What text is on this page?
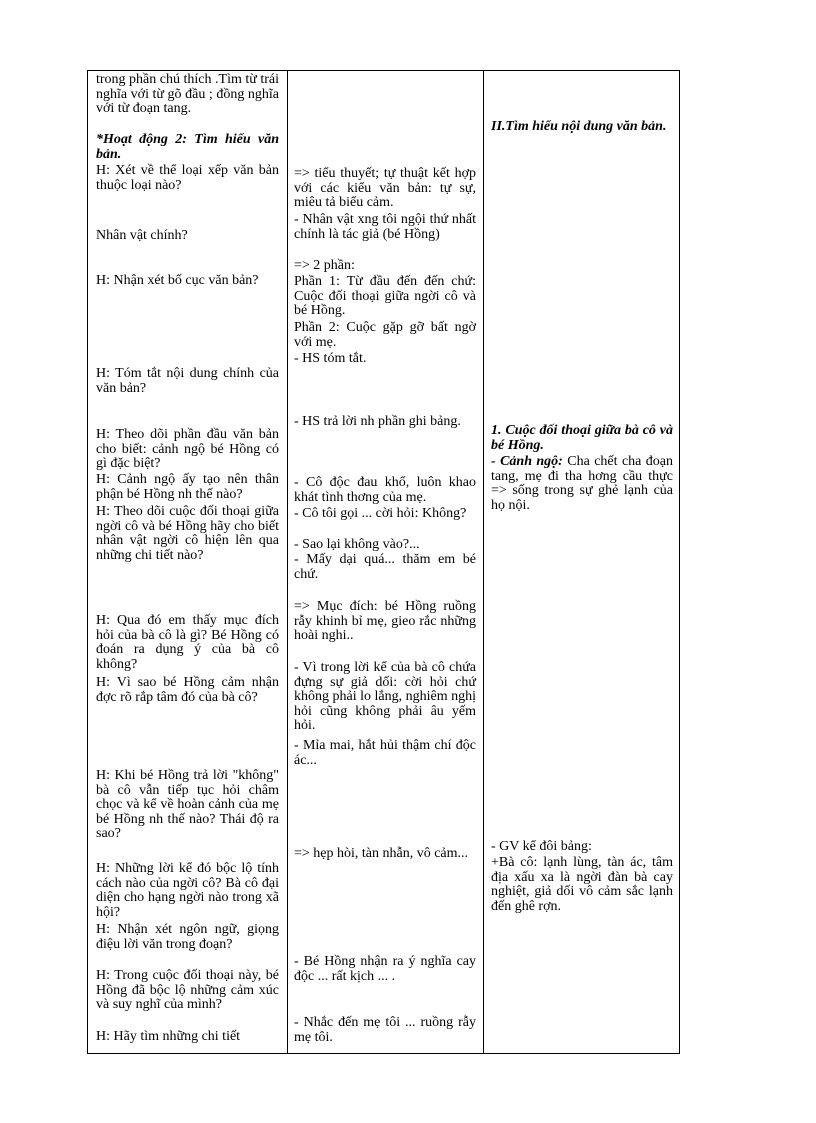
trong phần chú thích .Tìm từ trái nghĩa với từ gõ đầu ; đồng nghĩa với từ đoạn tang.
*Hoạt động 2: Tìm hiểu văn bản.
H: Xét về thể loại xếp văn bản thuộc loại nào?
Nhân vật chính?
H: Nhận xét bố cục văn bản?
H: Tóm tắt nội dung chính của văn bản?
H: Theo dõi phần đầu văn bản cho biết: cảnh ngộ bé Hồng có gì đặc biệt?
H: Cảnh ngộ ấy tạo nên thân phận bé Hồng nh thế nào?
H: Theo dõi cuộc đối thoại giữa ngời cô và bé Hồng hãy cho biết nhân vật ngời cô hiện lên qua những chi tiết nào?
H: Qua đó em thấy mục đích hỏi của bà cô là gì? Bé Hồng có đoán ra dụng ý của bà cô không?
H: Vì sao bé Hồng cảm nhận đợc rõ rắp tâm đó của bà cô?
H: Khi bé Hồng trả lời "không" bà cô vẫn tiếp tục hỏi châm chọc và kể về hoàn cảnh của mẹ bé Hồng nh thế nào? Thái độ ra sao?
H: Những lời kể đó bộc lộ tính cách nào của ngời cô? Bà cô đại diện cho hạng ngời nào trong xã hội?
H: Nhận xét ngôn ngữ, giọng điệu lời văn trong đoạn?
H: Trong cuộc đối thoại này, bé Hồng đã bộc lộ những cảm xúc và suy nghĩ của mình?
H: Hãy tìm những chi tiết
=> tiểu thuyết; tự thuật kết hợp với các kiểu văn bản: tự sự, miêu tả biểu cảm.
- Nhân vật xng tôi ngội thứ nhất chính là tác giả (bé Hồng)
=> 2 phần:
Phần 1: Từ đầu đến đến chứ: Cuộc đối thoại giữa ngời cô và bé Hồng.
Phần 2: Cuộc gặp gỡ bất ngờ với mẹ.
- HS tóm tắt.
- HS trả lời nh phần ghi bảng.
- Cô độc đau khổ, luôn khao khát tình thơng của mẹ.
- Cô tôi gọi ... cời hỏi: Không?
- Sao lại không vào?...
- Mấy dại quá... thăm em bé chứ.
=> Mục đích: bé Hồng ruồng rẫy khinh bỉ mẹ, gieo rắc những hoài nghi..
- Vì trong lời kể của bà cô chứa đựng sự giả dối: cời hỏi chứ không phải lo lắng, nghiêm nghị hỏi cũng không phải âu yếm hỏi.
- Mỉa mai, hắt hủi thậm chí độc ác...
=> hẹp hòi, tàn nhẫn, vô cảm...
- Bé Hồng nhận ra ý nghĩa cay độc ... rất kịch ... .
- Nhắc đến mẹ tôi ... ruồng rẫy mẹ tôi.
II.Tìm hiểu nội dung văn bản.
1. Cuộc đối thoại giữa bà cô và bé Hồng.
- Cảnh ngộ: Cha chết cha đoạn tang, mẹ đi tha hơng cầu thực => sống trong sự ghẻ lạnh của họ nội.
- GV kể đôi bảng:
+Bà cô: lạnh lùng, tàn ác, tâm địa xấu xa là ngời đàn bà cay nghiệt, giả dối vô cảm sắc lạnh đến ghê rợn.
